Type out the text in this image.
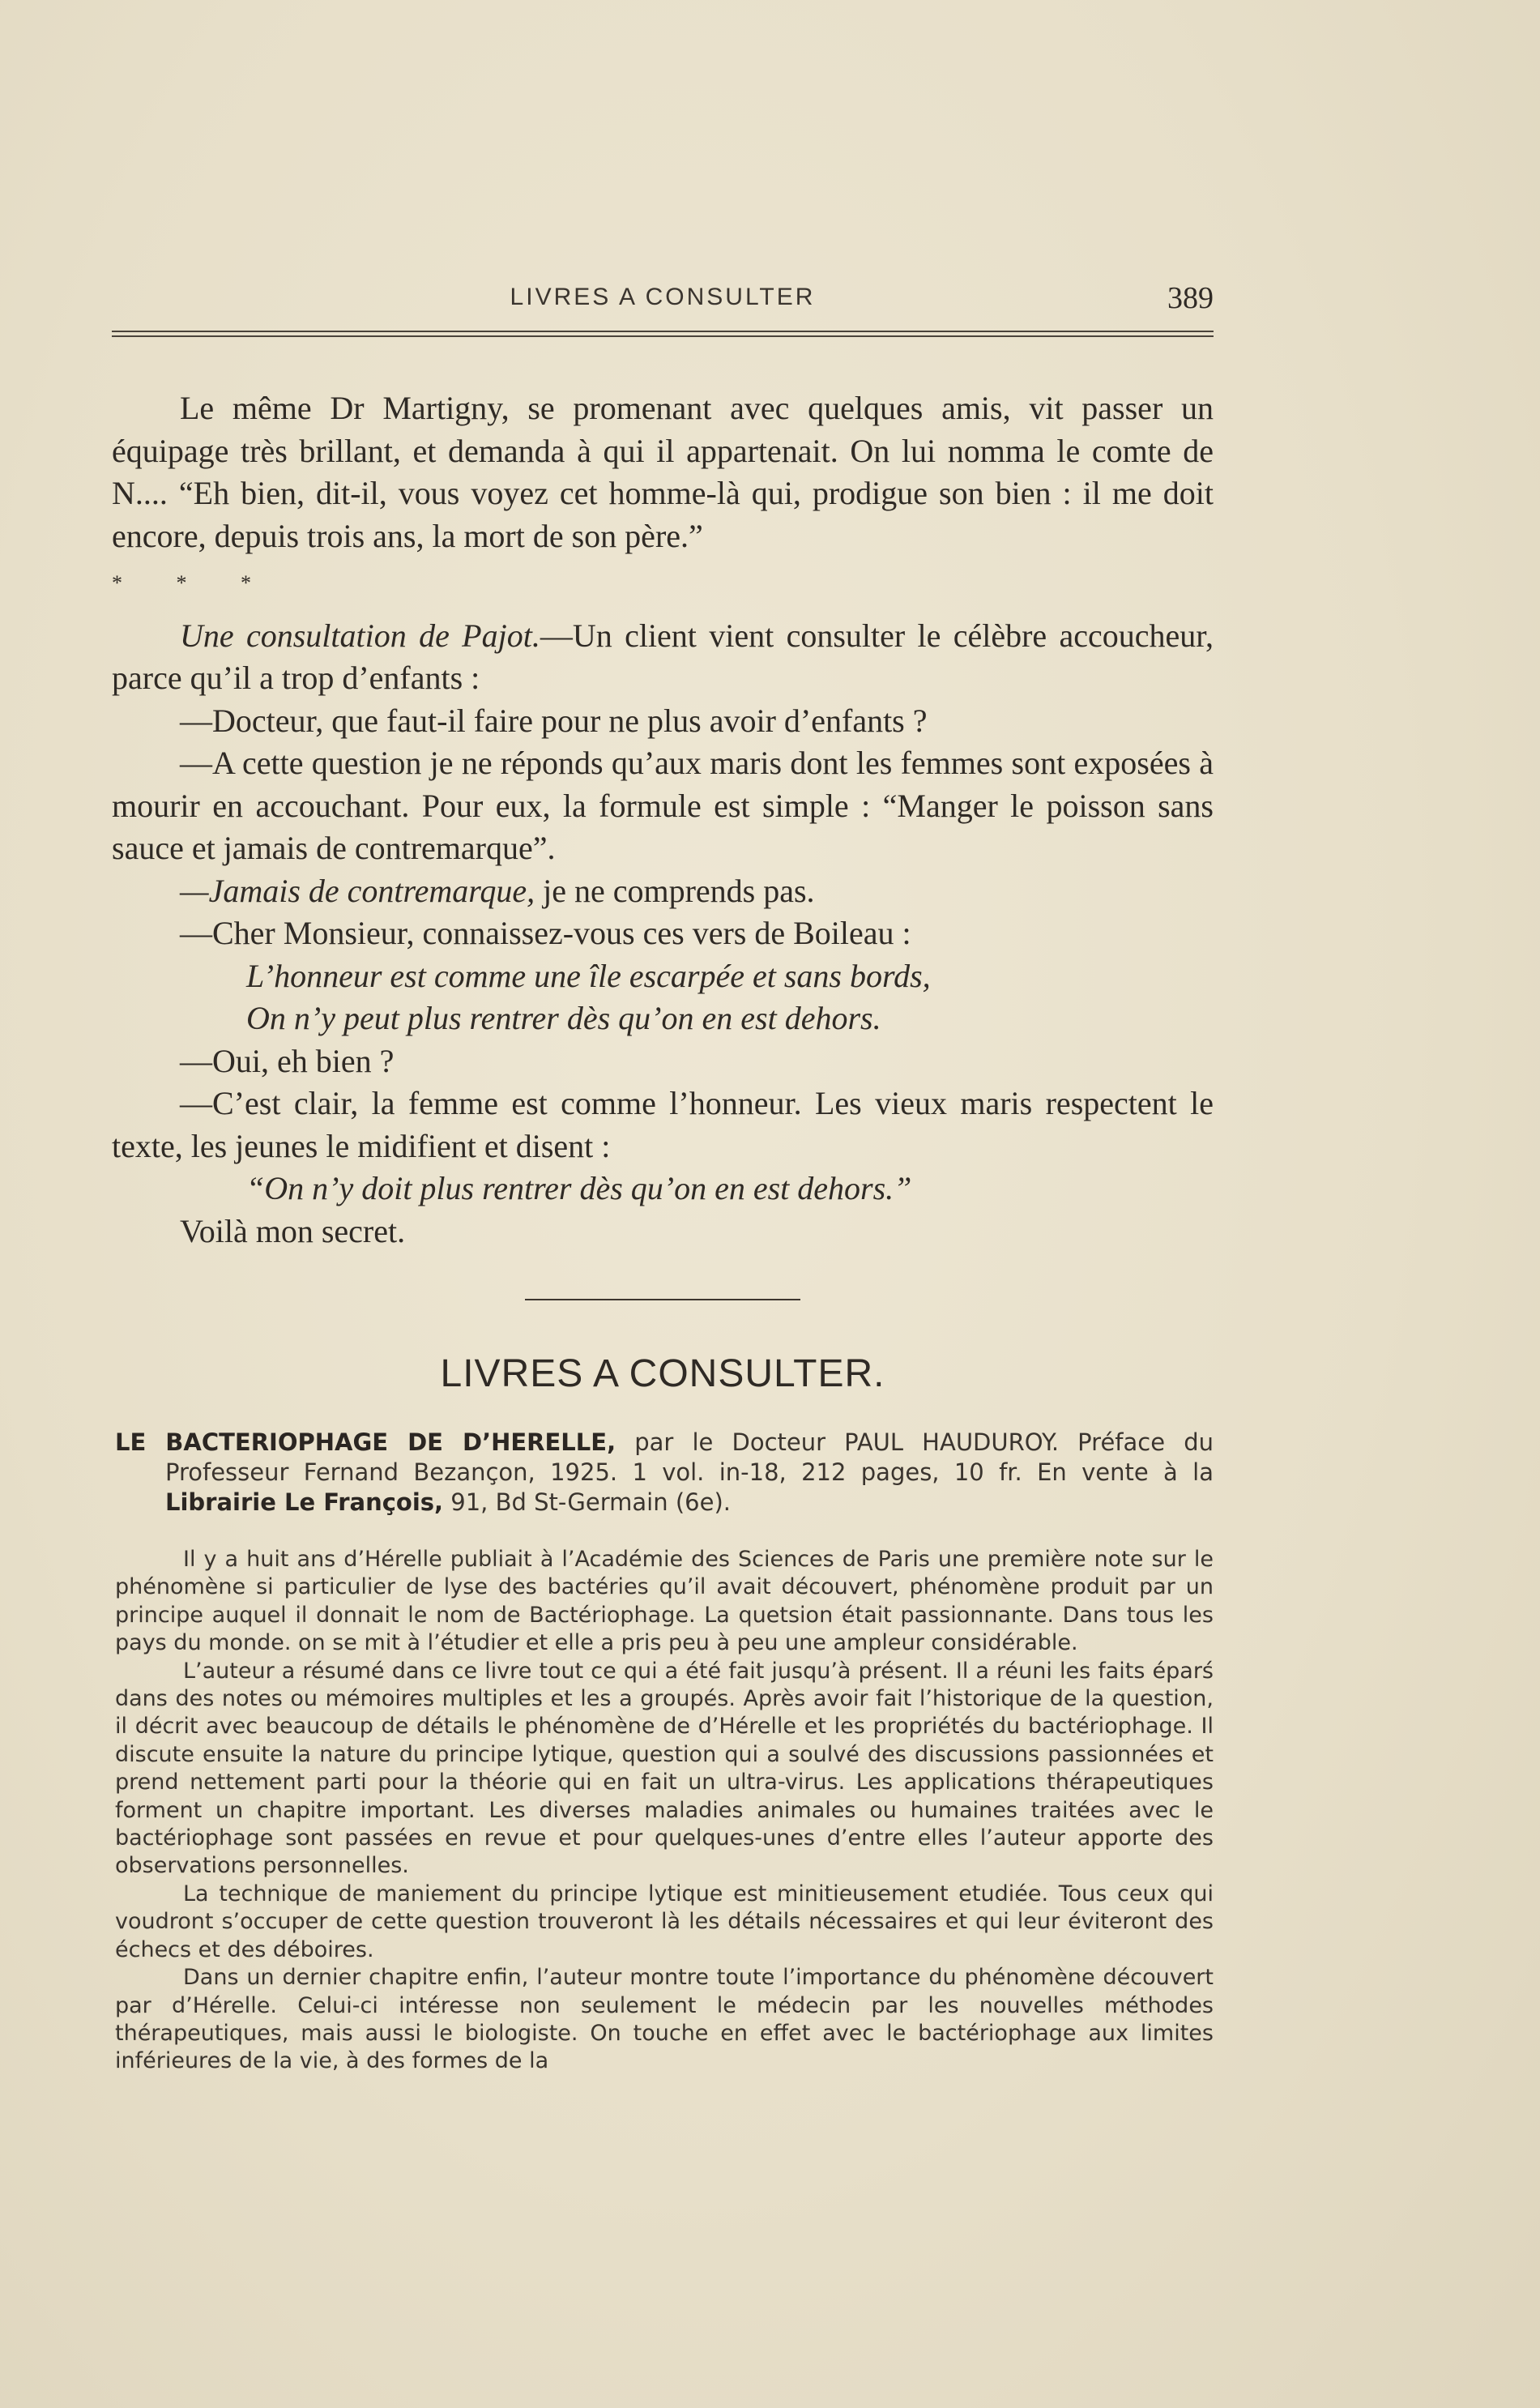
LIVRES A CONSULTER	389

Le même Dr Martigny, se promenant avec quelques amis, vit passer un équipage très brillant, et demanda à qui il appartenait. On lui nomma le comte de N.... “Eh bien, dit-il, vous voyez cet homme-là qui, prodigue son bien : il me doit encore, depuis trois ans, la mort de son père.”

* * *

Une consultation de Pajot.—Un client vient consulter le célèbre accoucheur, parce qu’il a trop d’enfants :

—Docteur, que faut-il faire pour ne plus avoir d’enfants ?

—A cette question je ne réponds qu’aux maris dont les femmes sont exposées à mourir en accouchant. Pour eux, la formule est simple : “Manger le poisson sans sauce et jamais de contremarque”.

—Jamais de contremarque, je ne comprends pas.

—Cher Monsieur, connaissez-vous ces vers de Boileau :

L’honneur est comme une île escarpée et sans bords,

On n’y peut plus rentrer dès qu’on en est dehors.

—Oui, eh bien ?

—C’est clair, la femme est comme l’honneur. Les vieux maris respectent le texte, les jeunes le midifient et disent :

“On n’y doit plus rentrer dès qu’on en est dehors.”

Voilà mon secret.

LIVRES A CONSULTER.

LE BACTERIOPHAGE DE D’HERELLE, par le Docteur PAUL HAUDUROY. Préface du Professeur Fernand Bezançon, 1925. 1 vol. in-18, 212 pages, 10 fr. En vente à la Librairie Le François, 91, Bd St-Germain (6e).

Il y a huit ans d’Hérelle publiait à l’Académie des Sciences de Paris une première note sur le phénomène si particulier de lyse des bactéries qu’il avait découvert, phénomène produit par un principe auquel il donnait le nom de Bactériophage. La quetsion était passionnante. Dans tous les pays du monde. on se mit à l’étudier et elle a pris peu à peu une ampleur considérable.

L’auteur a résumé dans ce livre tout ce qui a été fait jusqu’à présent. Il a réuni les faits éparś dans des notes ou mémoires multiples et les a groupés. Après avoir fait l’historique de la question, il décrit avec beaucoup de détails le phénomène de d’Hérelle et les propriétés du bactériophage. Il discute ensuite la nature du principe lytique, question qui a soulvé des discussions passionnées et prend nettement parti pour la théorie qui en fait un ultra-virus. Les applications thérapeutiques forment un chapitre important. Les diverses maladies animales ou humaines traitées avec le bactériophage sont passées en revue et pour quelques-unes d’entre elles l’auteur apporte des observations personnelles.

La technique de maniement du principe lytique est minitieusement etudiée. Tous ceux qui voudront s’occuper de cette question trouveront là les détails nécessaires et qui leur éviteront des échecs et des déboires.

Dans un dernier chapitre enfin, l’auteur montre toute l’importance du phénomène découvert par d’Hérelle. Celui-ci intéresse non seulement le médecin par les nouvelles méthodes thérapeutiques, mais aussi le biologiste. On touche en effet avec le bactériophage aux limites inférieures de la vie, à des formes de la
